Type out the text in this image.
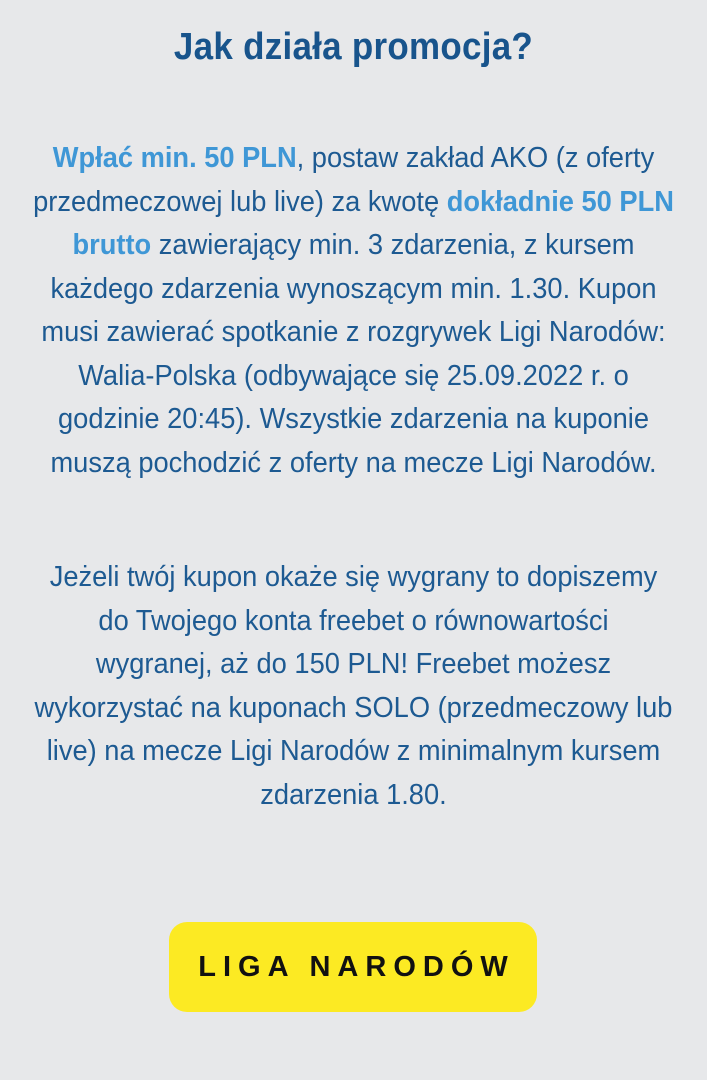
Jak działa promocja?

Wpłać min. 50 PLN, postaw zakład AKO (z oferty
przedmeczowej lub live) za kwotę dokładnie 50 PLN
brutto zawierający min. 3 zdarzenia, z kursem
każdego zdarzenia wynoszącym min. 1.30. Kupon
musi zawierać spotkanie z rozgrywek Ligi Narodów:
Walia-Polska (odbywające się 25.09.2022 r. o
godzinie 20:45). Wszystkie zdarzenia na kuponie
muszą pochodzić z oferty na mecze Ligi Narodów.

Jeżeli twój kupon okaże się wygrany to dopiszemy
do Twojego konta freebet o równowartości
wygranej, aż do 150 PLN! Freebet możesz
wykorzystać na kuponach SOLO (przedmeczowy lub
live) na mecze Ligi Narodów z minimalnym kursem
zdarzenia 1.80.

LIGA NARODÓW
